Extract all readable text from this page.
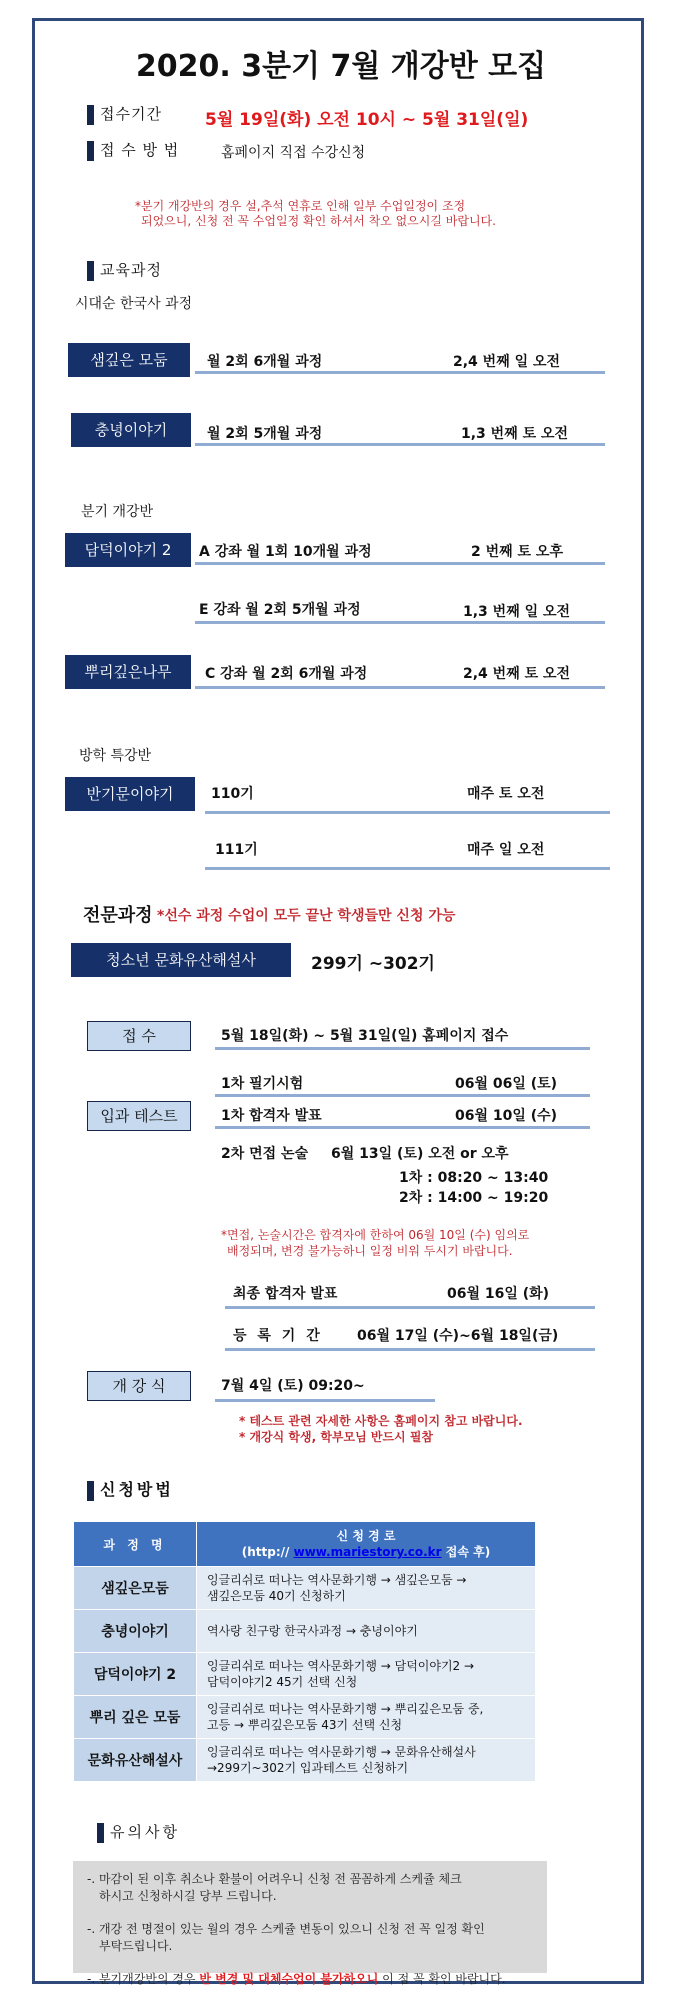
2020. 3분기 7월 개강반 모집
접수기간	5월 19일(화) 오전 10시 ~ 5월 31일(일)
접 수 방 법	홈페이지 직접 수강신청
*분기 개강반의 경우 설,추석 연휴로 인해 일부 수업일정이 조정
되었으니, 신청 전 꼭 수업일정 확인 하셔서 착오 없으시길 바랍니다.
교육과정
시대순 한국사 과정
샘깊은 모둠	월 2회 6개월 과정	2,4 번째 일 오전
충녕이야기	월 2회 5개월 과정	1,3 번째 토 오전
분기 개강반
담덕이야기 2	A 강좌 월 1회 10개월 과정	2 번째 토 오후
E 강좌 월 2회 5개월 과정	1,3 번째 일 오전
뿌리깊은나무	C 강좌 월 2회 6개월 과정	2,4 번째 토 오전
방학 특강반
반기문이야기	110기	매주 토 오전
111기	매주 일 오전
전문과정 *선수 과정 수업이 모두 끝난 학생들만 신청 가능
청소년 문화유산해설사	299기 ~302기
접 수	5월 18일(화) ~ 5월 31일(일) 홈페이지 접수
1차 필기시험	06월 06일 (토)
입과 테스트	1차 합격자 발표	06월 10일 (수)
2차 면접 논술 6월 13일 (토) 오전 or 오후
1차 : 08:20 ~ 13:40
2차 : 14:00 ~ 19:20
*면접, 논술시간은 합격자에 한하여 06월 10일 (수) 임의로
배정되며, 변경 불가능하니 일정 비워 두시기 바랍니다.
최종 합격자 발표	06월 16일 (화)
등 록 기 간 06월 17일 (수)~6월 18일(금)
개 강 식	7월 4일 (토) 09:20~
* 테스트 관련 자세한 사항은 홈페이지 참고 바랍니다.
* 개강식 학생, 학부모님 반드시 필참
신청방법
과 정 명	신 청 경 로
(http:// www.mariestory.co.kr 접속 후)

샘깊은모둠	잉글리쉬로 떠나는 역사문화기행 → 샘깊은모둠 →
샘깊은모둠 40기 신청하기

충녕이야기	역사랑 친구랑 한국사과정 → 충녕이야기

담덕이야기 2	잉글리쉬로 떠나는 역사문화기행 → 담덕이야기2 →
담덕이야기2 45기 선택 신청

뿌리 깊은 모둠	잉글리쉬로 떠나는 역사문화기행 → 뿌리깊은모둠 중,
고등 → 뿌리깊은모둠 43기 선택 신청

문화유산해설사	잉글리쉬로 떠나는 역사문화기행 → 문화유산해설사
→299기~302기 입과테스트 신청하기
유의사항

-. 마감이 된 이후 취소나 환불이 어려우니 신청 전 꼼꼼하게 스케쥴 체크
하시고 신청하시길 당부 드립니다.

-. 개강 전 명절이 있는 월의 경우 스케쥴 변동이 있으니 신청 전 꼭 일정 확인
부탁드립니다.

-. 분기개강반의 경우 반 변경 및 대체수업이 불가하오니 이 점 꼭 확인 바랍니다.
